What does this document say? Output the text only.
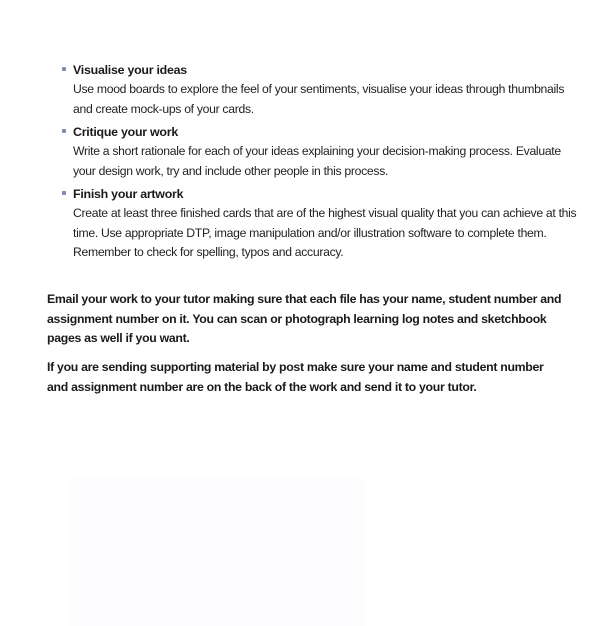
Visualise your ideas
Use mood boards to explore the feel of your sentiments, visualise your ideas through thumbnails and create mock-ups of your cards.
Critique your work
Write a short rationale for each of your ideas explaining your decision-making process. Evaluate your design work, try and include other people in this process.
Finish your artwork
Create at least three finished cards that are of the highest visual quality that you can achieve at this time. Use appropriate DTP, image manipulation and/or illustration software to complete them. Remember to check for spelling, typos and accuracy.

Email your work to your tutor making sure that each file has your name, student number and assignment number on it. You can scan or photograph learning log notes and sketchbook pages as well if you want.

If you are sending supporting material by post make sure your name and student number and assignment number are on the back of the work and send it to your tutor.
